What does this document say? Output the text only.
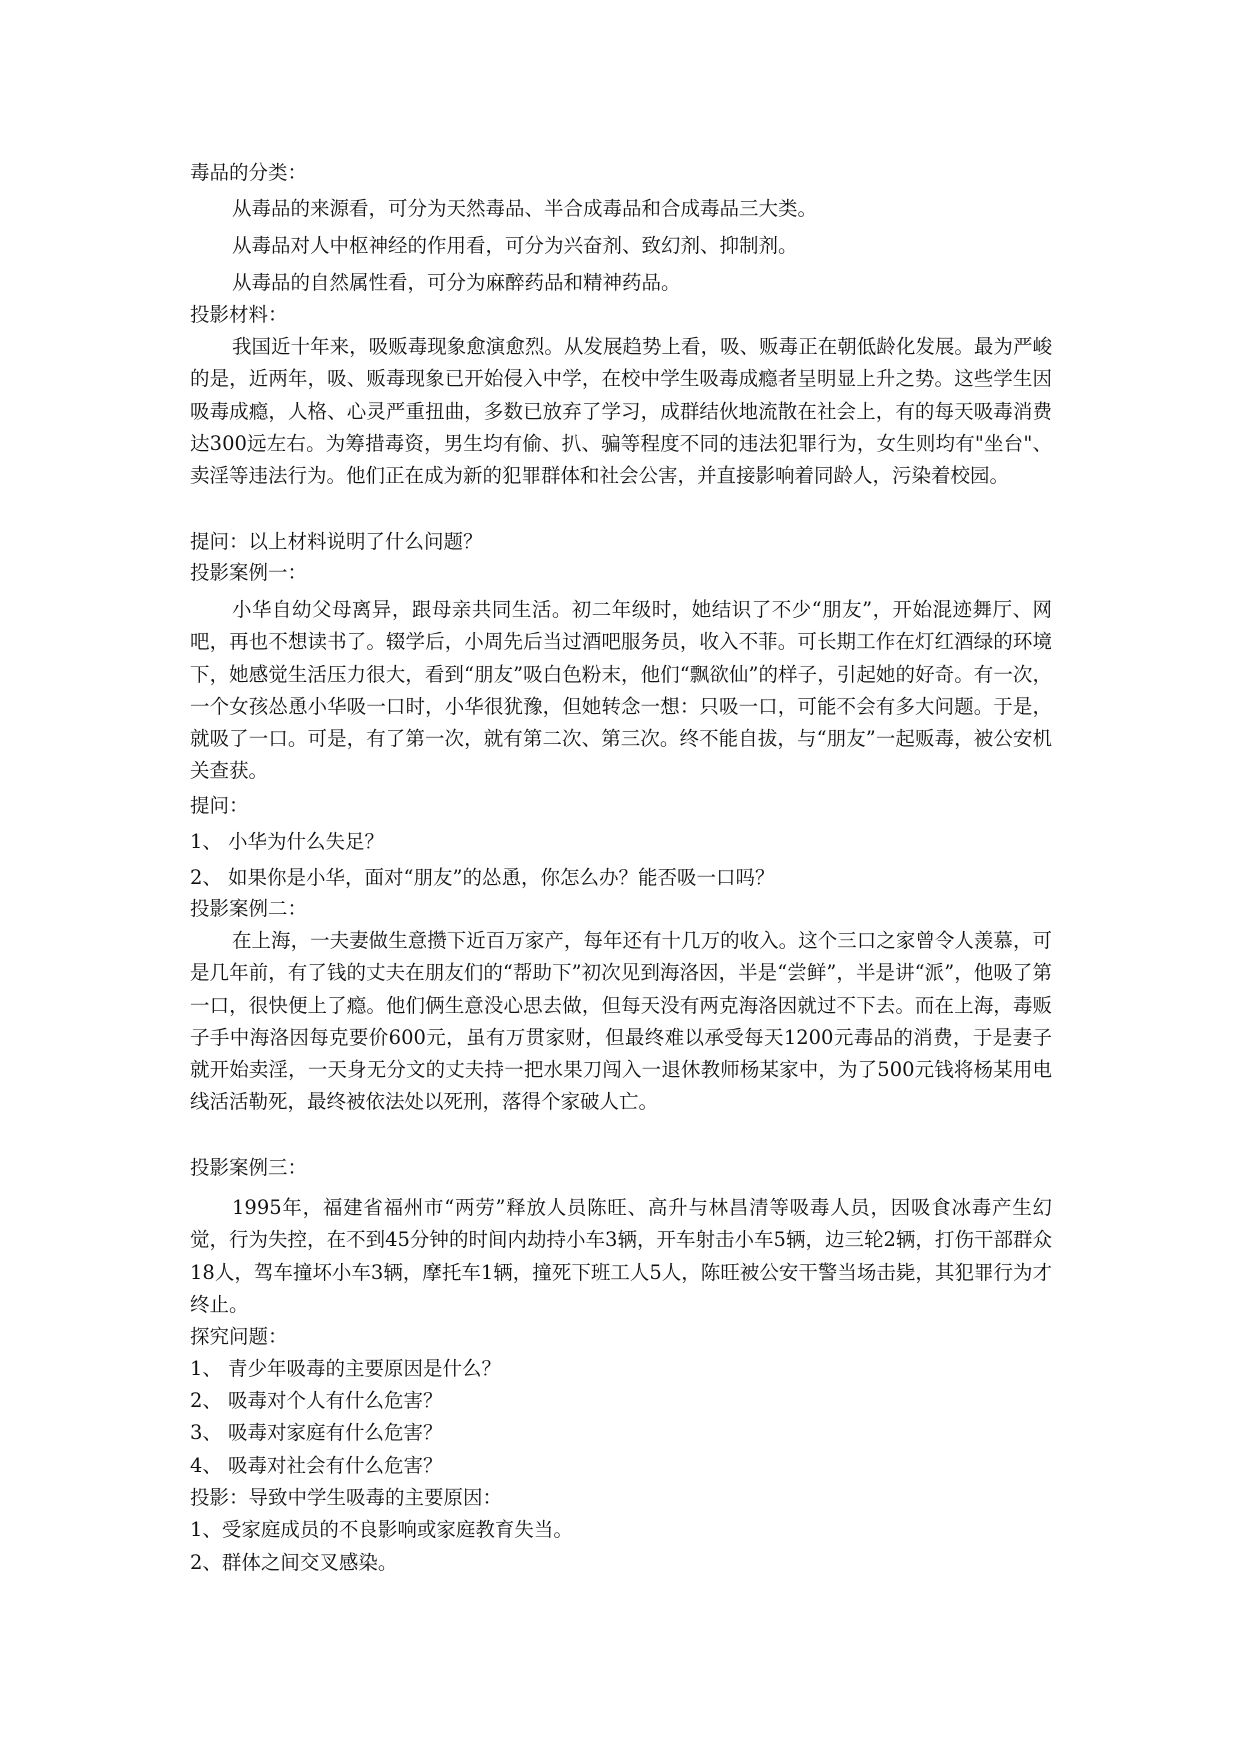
毒品的分类：
从毒品的来源看，可分为天然毒品、半合成毒品和合成毒品三大类。
从毒品对人中枢神经的作用看，可分为兴奋剂、致幻剂、抑制剂。
从毒品的自然属性看，可分为麻醉药品和精神药品。
投影材料：
我国近十年来，吸贩毒现象愈演愈烈。从发展趋势上看，吸、贩毒正在朝低龄化发展。最为严峻的是，近两年，吸、贩毒现象已开始侵入中学，在校中学生吸毒成瘾者呈明显上升之势。这些学生因吸毒成瘾，人格、心灵严重扭曲，多数已放弃了学习，成群结伙地流散在社会上，有的每天吸毒消费达300远左右。为筹措毒资，男生均有偷、扒、骗等程度不同的违法犯罪行为，女生则均有"坐台"、卖淫等违法行为。他们正在成为新的犯罪群体和社会公害，并直接影响着同龄人，污染着校园。
提问：以上材料说明了什么问题？
投影案例一：
小华自幼父母离异，跟母亲共同生活。初二年级时，她结识了不少“朋友”，开始混迹舞厅、网吧，再也不想读书了。辍学后，小周先后当过酒吧服务员，收入不菲。可长期工作在灯红酒绿的环境下，她感觉生活压力很大，看到“朋友”吸白色粉末，他们“飘欲仙”的样子，引起她的好奇。有一次，一个女孩怂恿小华吸一口时，小华很犹豫，但她转念一想：只吸一口，可能不会有多大问题。于是，就吸了一口。可是，有了第一次，就有第二次、第三次。终不能自拔，与“朋友”一起贩毒，被公安机关查获。
提问：
1、 小华为什么失足？
2、 如果你是小华，面对“朋友”的怂恿，你怎么办？能否吸一口吗？
投影案例二：
在上海，一夫妻做生意攒下近百万家产，每年还有十几万的收入。这个三口之家曾令人羡慕，可是几年前，有了钱的丈夫在朋友们的“帮助下”初次见到海洛因，半是“尝鲜”，半是讲“派”，他吸了第一口，很快便上了瘾。他们俩生意没心思去做，但每天没有两克海洛因就过不下去。而在上海，毒贩子手中海洛因每克要价600元，虽有万贯家财，但最终难以承受每天1200元毒品的消费，于是妻子就开始卖淫，一天身无分文的丈夫持一把水果刀闯入一退休教师杨某家中，为了500元钱将杨某用电线活活勒死，最终被依法处以死刑，落得个家破人亡。
投影案例三：
1995年，福建省福州市“两劳”释放人员陈旺、高升与林昌清等吸毒人员，因吸食冰毒产生幻觉，行为失控，在不到45分钟的时间内劫持小车3辆，开车射击小车5辆，边三轮2辆，打伤干部群众18人，驾车撞坏小车3辆，摩托车1辆，撞死下班工人5人，陈旺被公安干警当场击毙，其犯罪行为才终止。
探究问题：
1、 青少年吸毒的主要原因是什么？
2、 吸毒对个人有什么危害？
3、 吸毒对家庭有什么危害？
4、 吸毒对社会有什么危害？
投影：导致中学生吸毒的主要原因：
1、受家庭成员的不良影响或家庭教育失当。
2、群体之间交叉感染。
